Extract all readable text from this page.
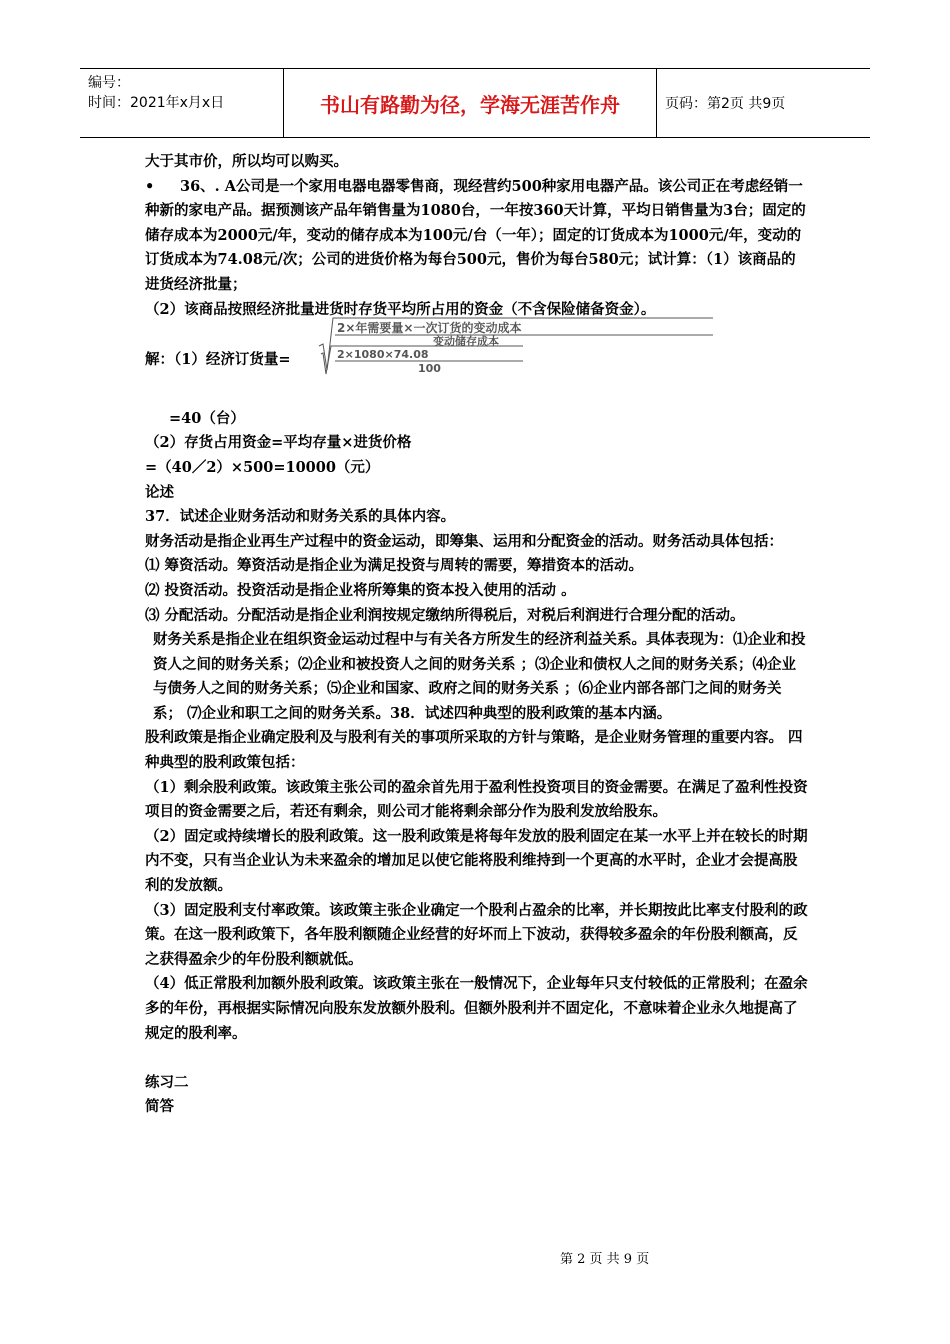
编号：
时间：2021年x月x日	书山有路勤为径，学海无涯苦作舟	页码：第2页 共9页

大于其市价，所以均可以购买。

• 36、. A公司是一个家用电器电器零售商，现经营约500种家用电器产品。该公司正在考虑经销一种新的家电产品。据预测该产品年销售量为1080台，一年按360天计算，平均日销售量为3台；固定的储存成本为2000元/年，变动的储存成本为100元/台（一年）；固定的订货成本为1000元/年，变动的订货成本为74.08元/次；公司的进货价格为每台500元，售价为每台580元；试计算：（1）该商品的进货经济批量；

（2）该商品按照经济批量进货时存货平均所占用的资金（不含保险储备资金）。

解：（1）经济订货量=
2×年需要量×一次订货的变动成本
变动储存成本
2×1080×74.08
100

=40（台）

（2）存货占用资金=平均存量×进货价格

=（40／2）×500=10000（元）

论述

37．试述企业财务活动和财务关系的具体内容。

财务活动是指企业再生产过程中的资金运动，即筹集、运用和分配资金的活动。财务活动具体包括：

⑴ 筹资活动。筹资活动是指企业为满足投资与周转的需要，筹措资本的活动。

⑵ 投资活动。投资活动是指企业将所筹集的资本投入使用的活动 。

⑶ 分配活动。分配活动是指企业利润按规定缴纳所得税后，对税后利润进行合理分配的活动。

财务关系是指企业在组织资金运动过程中与有关各方所发生的经济利益关系。具体表现为：⑴企业和投资人之间的财务关系；⑵企业和被投资人之间的财务关系 ；⑶企业和债权人之间的财务关系；⑷企业与债务人之间的财务关系；⑸企业和国家、政府之间的财务关系 ；⑹企业内部各部门之间的财务关系； ⑺企业和职工之间的财务关系。38．试述四种典型的股利政策的基本内涵。

股利政策是指企业确定股利及与股利有关的事项所采取的方针与策略，是企业财务管理的重要内容。 四种典型的股利政策包括：

（1）剩余股利政策。该政策主张公司的盈余首先用于盈利性投资项目的资金需要。在满足了盈利性投资项目的资金需要之后，若还有剩余，则公司才能将剩余部分作为股利发放给股东。

（2）固定或持续增长的股利政策。这一股利政策是将每年发放的股利固定在某一水平上并在较长的时期内不变，只有当企业认为未来盈余的增加足以使它能将股利维持到一个更高的水平时，企业才会提高股利的发放额。

（3）固定股利支付率政策。该政策主张企业确定一个股利占盈余的比率，并长期按此比率支付股利的政策。在这一股利政策下，各年股利额随企业经营的好坏而上下波动，获得较多盈余的年份股利额高，反之获得盈余少的年份股利额就低。

（4）低正常股利加额外股利政策。该政策主张在一般情况下，企业每年只支付较低的正常股利；在盈余多的年份，再根据实际情况向股东发放额外股利。但额外股利并不固定化，不意味着企业永久地提高了规定的股利率。

练习二

简答

第 2 页 共 9 页
